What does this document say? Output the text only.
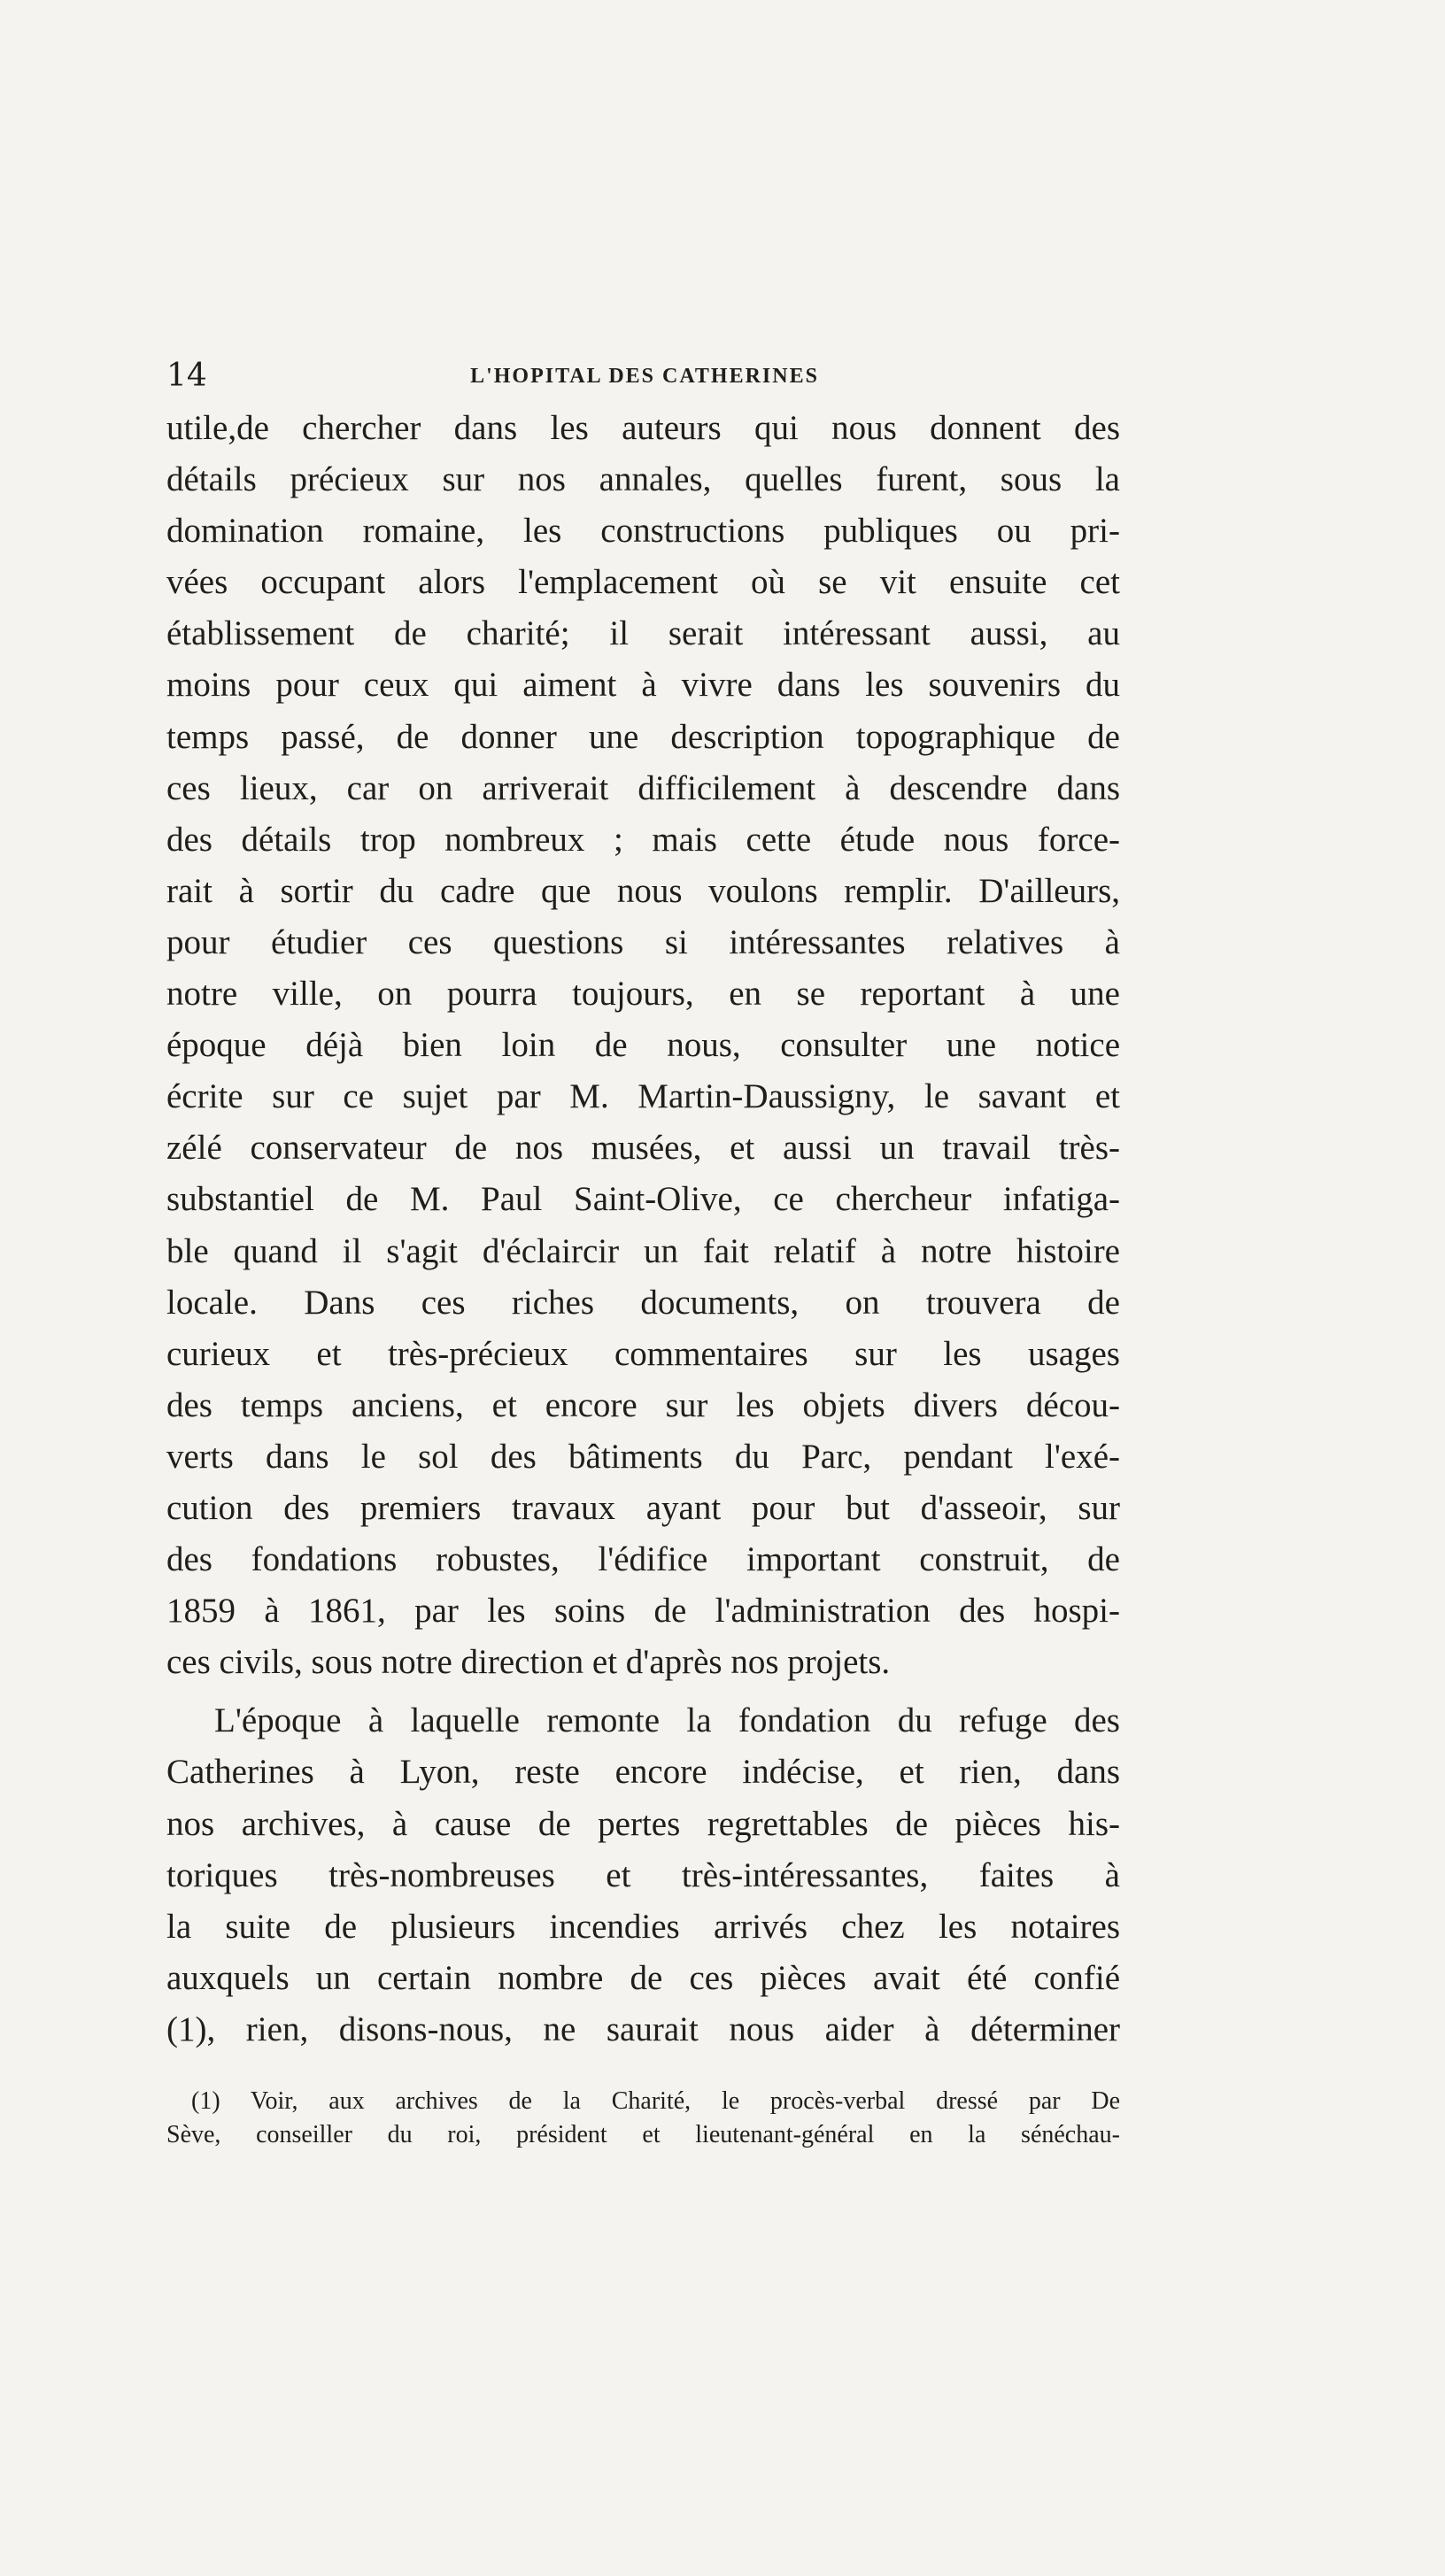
14	L'HOPITAL DES CATHERINES
utile,de chercher dans les auteurs qui nous donnent des
détails précieux sur nos annales, quelles furent, sous la
domination romaine, les constructions publiques ou pri-
vées occupant alors l'emplacement où se vit ensuite cet
établissement de charité; il serait intéressant aussi, au
moins pour ceux qui aiment à vivre dans les souvenirs du
temps passé, de donner une description topographique de
ces lieux, car on arriverait difficilement à descendre dans
des détails trop nombreux ; mais cette étude nous force-
rait à sortir du cadre que nous voulons remplir. D'ailleurs,
pour étudier ces questions si intéressantes relatives à
notre ville, on pourra toujours, en se reportant à une
époque déjà bien loin de nous, consulter une notice
écrite sur ce sujet par M. Martin-Daussigny, le savant et
zélé conservateur de nos musées, et aussi un travail très-
substantiel de M. Paul Saint-Olive, ce chercheur infatiga-
ble quand il s'agit d'éclaircir un fait relatif à notre histoire
locale. Dans ces riches documents, on trouvera de
curieux et très-précieux commentaires sur les usages
des temps anciens, et encore sur les objets divers décou-
verts dans le sol des bâtiments du Parc, pendant l'exé-
cution des premiers travaux ayant pour but d'asseoir, sur
des fondations robustes, l'édifice important construit, de
1859 à 1861, par les soins de l'administration des hospi-
ces civils, sous notre direction et d'après nos projets.
L'époque à laquelle remonte la fondation du refuge des
Catherines à Lyon, reste encore indécise, et rien, dans
nos archives, à cause de pertes regrettables de pièces his-
toriques très-nombreuses et très-intéressantes, faites à
la suite de plusieurs incendies arrivés chez les notaires
auxquels un certain nombre de ces pièces avait été confié
(1), rien, disons-nous, ne saurait nous aider à déterminer
(1) Voir, aux archives de la Charité, le procès-verbal dressé par De
Sève, conseiller du roi, président et lieutenant-général en la sénéchau-
